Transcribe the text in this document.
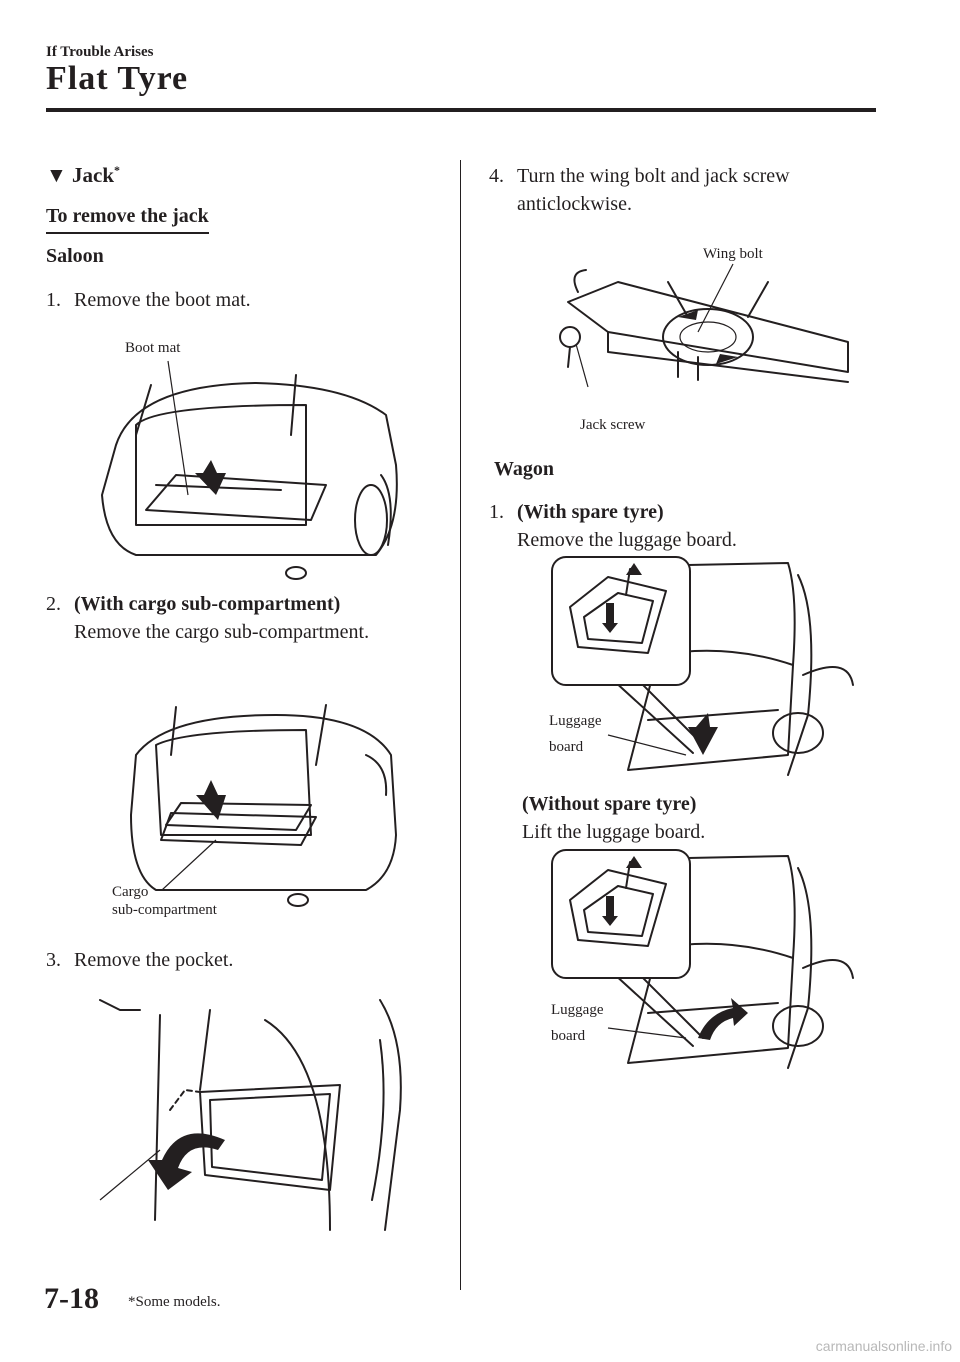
If Trouble Arises
Flat Tyre
▼ Jack*
To remove the jack
Saloon
1. Remove the boot mat.
Boot mat
2. (With cargo sub-compartment)
Remove the cargo sub-compartment.
Cargo
sub-compartment
3. Remove the pocket.
4. Turn the wing bolt and jack screw
anticlockwise.
Wing bolt
Jack screw
Wagon
1. (With spare tyre)
Remove the luggage board.
Luggage
board
(Without spare tyre)
Lift the luggage board.
Luggage
board
7-18 *Some models.
carmanualsonline.info
